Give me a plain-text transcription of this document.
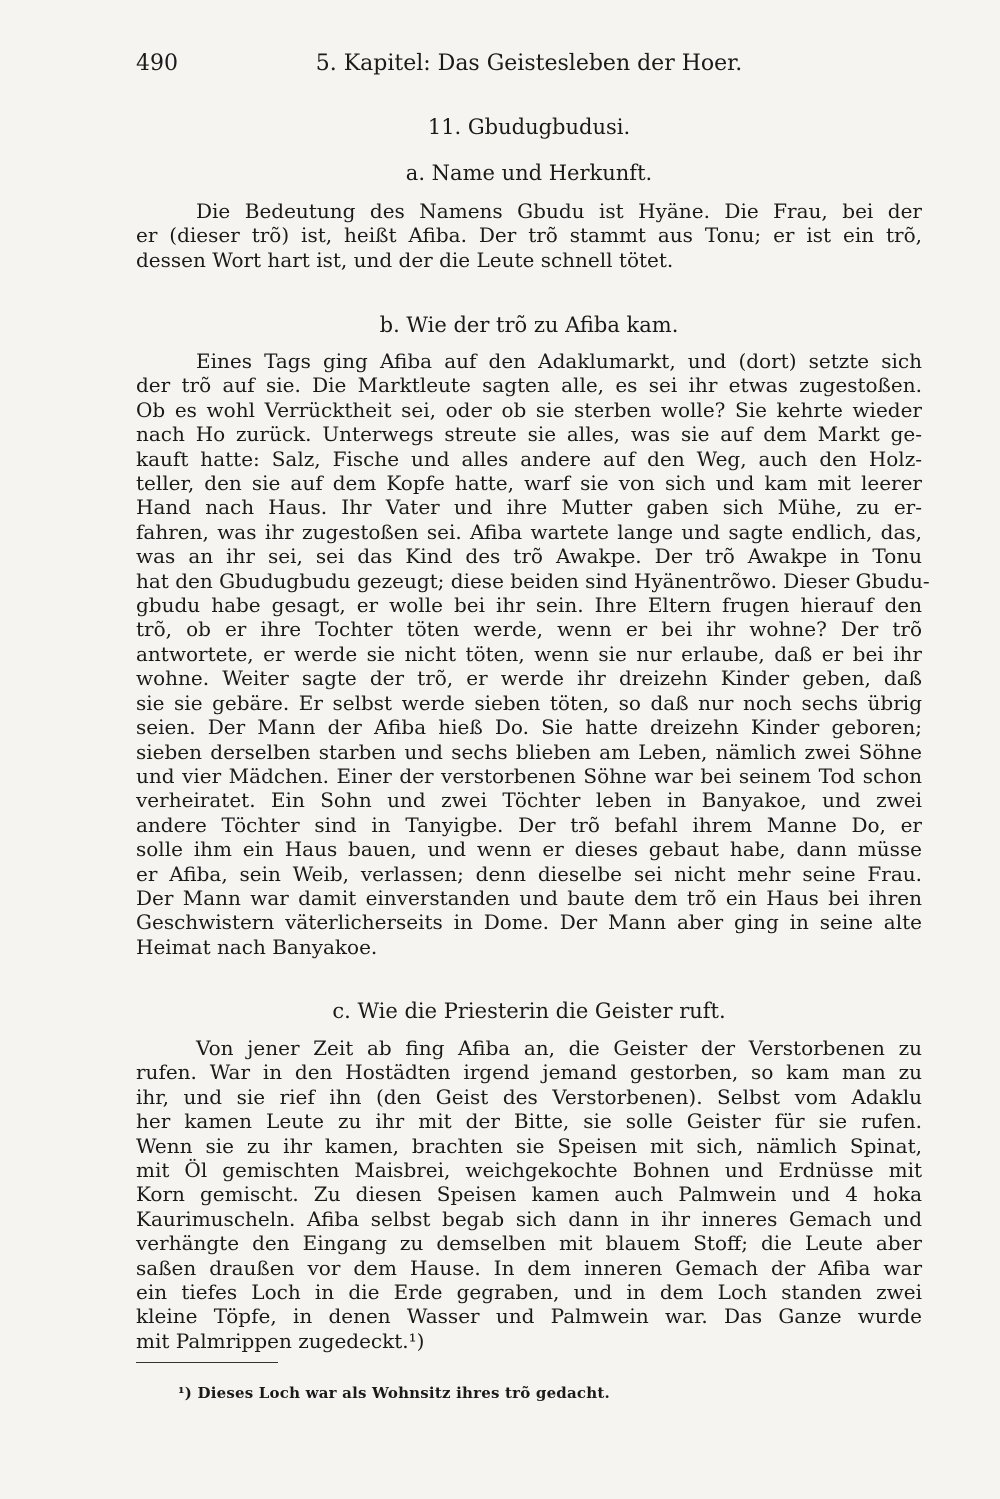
490	5. Kapitel: Das Geistesleben der Hoer.
11. Gbudugbudusi.
a. Name und Herkunft.
Die Bedeutung des Namens Gbudu ist Hyäne. Die Frau, bei der
er (dieser trõ) ist, heißt Afiba. Der trõ stammt aus Tonu; er ist ein trõ,
dessen Wort hart ist, und der die Leute schnell tötet.
b. Wie der trõ zu Afiba kam.
Eines Tags ging Afiba auf den Adaklumarkt, und (dort) setzte sich
der trõ auf sie. Die Marktleute sagten alle, es sei ihr etwas zugestoßen.
Ob es wohl Verrücktheit sei, oder ob sie sterben wolle? Sie kehrte wieder
nach Ho zurück. Unterwegs streute sie alles, was sie auf dem Markt ge-
kauft hatte: Salz, Fische und alles andere auf den Weg, auch den Holz-
teller, den sie auf dem Kopfe hatte, warf sie von sich und kam mit leerer
Hand nach Haus. Ihr Vater und ihre Mutter gaben sich Mühe, zu er-
fahren, was ihr zugestoßen sei. Afiba wartete lange und sagte endlich, das,
was an ihr sei, sei das Kind des trõ Awakpe. Der trõ Awakpe in Tonu
hat den Gbudugbudu gezeugt; diese beiden sind Hyänentrõwo. Dieser Gbudu-
gbudu habe gesagt, er wolle bei ihr sein. Ihre Eltern frugen hierauf den
trõ, ob er ihre Tochter töten werde, wenn er bei ihr wohne? Der trõ
antwortete, er werde sie nicht töten, wenn sie nur erlaube, daß er bei ihr
wohne. Weiter sagte der trõ, er werde ihr dreizehn Kinder geben, daß
sie sie gebäre. Er selbst werde sieben töten, so daß nur noch sechs übrig
seien. Der Mann der Afiba hieß Do. Sie hatte dreizehn Kinder geboren;
sieben derselben starben und sechs blieben am Leben, nämlich zwei Söhne
und vier Mädchen. Einer der verstorbenen Söhne war bei seinem Tod schon
verheiratet. Ein Sohn und zwei Töchter leben in Banyakoe, und zwei
andere Töchter sind in Tanyigbe. Der trõ befahl ihrem Manne Do, er
solle ihm ein Haus bauen, und wenn er dieses gebaut habe, dann müsse
er Afiba, sein Weib, verlassen; denn dieselbe sei nicht mehr seine Frau.
Der Mann war damit einverstanden und baute dem trõ ein Haus bei ihren
Geschwistern väterlicherseits in Dome. Der Mann aber ging in seine alte
Heimat nach Banyakoe.
c. Wie die Priesterin die Geister ruft.
Von jener Zeit ab fing Afiba an, die Geister der Verstorbenen zu
rufen. War in den Hostädten irgend jemand gestorben, so kam man zu
ihr, und sie rief ihn (den Geist des Verstorbenen). Selbst vom Adaklu
her kamen Leute zu ihr mit der Bitte, sie solle Geister für sie rufen.
Wenn sie zu ihr kamen, brachten sie Speisen mit sich, nämlich Spinat,
mit Öl gemischten Maisbrei, weichgekochte Bohnen und Erdnüsse mit
Korn gemischt. Zu diesen Speisen kamen auch Palmwein und 4 hoka
Kaurimuscheln. Afiba selbst begab sich dann in ihr inneres Gemach und
verhängte den Eingang zu demselben mit blauem Stoff; die Leute aber
saßen draußen vor dem Hause. In dem inneren Gemach der Afiba war
ein tiefes Loch in die Erde gegraben, und in dem Loch standen zwei
kleine Töpfe, in denen Wasser und Palmwein war. Das Ganze wurde
mit Palmrippen zugedeckt.¹)
¹) Dieses Loch war als Wohnsitz ihres trõ gedacht.
